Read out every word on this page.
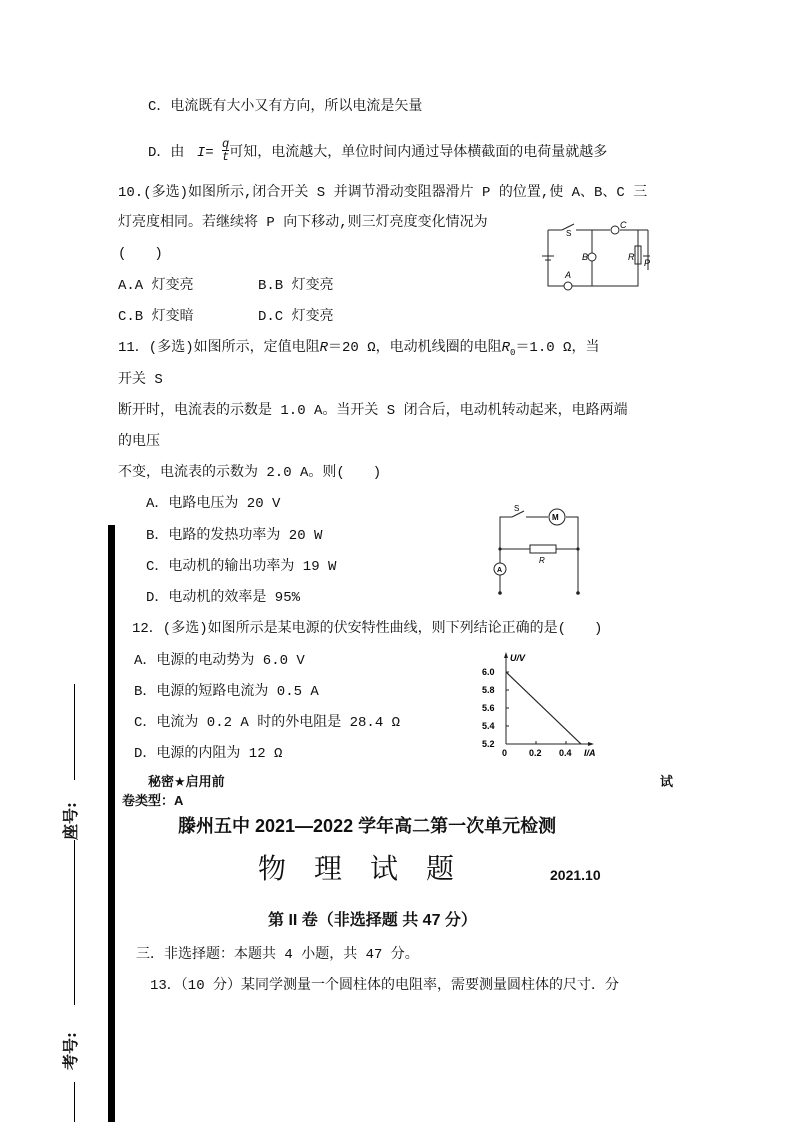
C．电流既有大小又有方向，所以电流是矢量
D．由 $I= \frac{q}{t}$ 可知，电流越大，单位时间内通过导体横截面的电荷量就越多
10.(多选)如图所示,闭合开关 S 并调节滑动变阻器滑片 P 的位置,使 A、B、C 三
灯亮度相同。若继续将 P 向下移动,则三灯亮度变化情况为
(　　)
A.A 灯变亮	B.B 灯变亮
C.B 灯变暗	D.C 灯变亮
S
C
B
A
R
P
11．(多选)如图所示，定值电阻R＝20 Ω，电动机线圈的电阻$R_0=1.0$ Ω，当
开关 S
断开时，电流表的示数是 1.0 A。当开关 S 闭合后，电动机转动起来，电路两端
的电压
不变，电流表的示数为 2.0 A。则(　　)
A．电路电压为 20 V
B．电路的发热功率为 20 W
C．电动机的输出功率为 19 W
D．电动机的效率是 95%
M
A
S
R
12．(多选)如图所示是某电源的伏安特性曲线，则下列结论正确的是(　　)
A．电源的电动势为 6.0 V
B．电源的短路电流为 0.5 A
C．电流为 0.2 A 时的外电阻是 28.4 Ω
D．电源的内阻为 12 Ω
U/V
I/A
6.0
5.8
5.6
5.4
5.2
0 0.2 0.4
秘密★启用前	试
卷类型：A
滕州五中 2021—2022 学年高二第一次单元检测
物　理　试　题	2021.10
第 II 卷（非选择题 共 47 分）
三．非选择题：本题共 4 小题，共 47 分。
13．（10 分）某同学测量一个圆柱体的电阻率，需要测量圆柱体的尺寸．分
座号:
考号:
